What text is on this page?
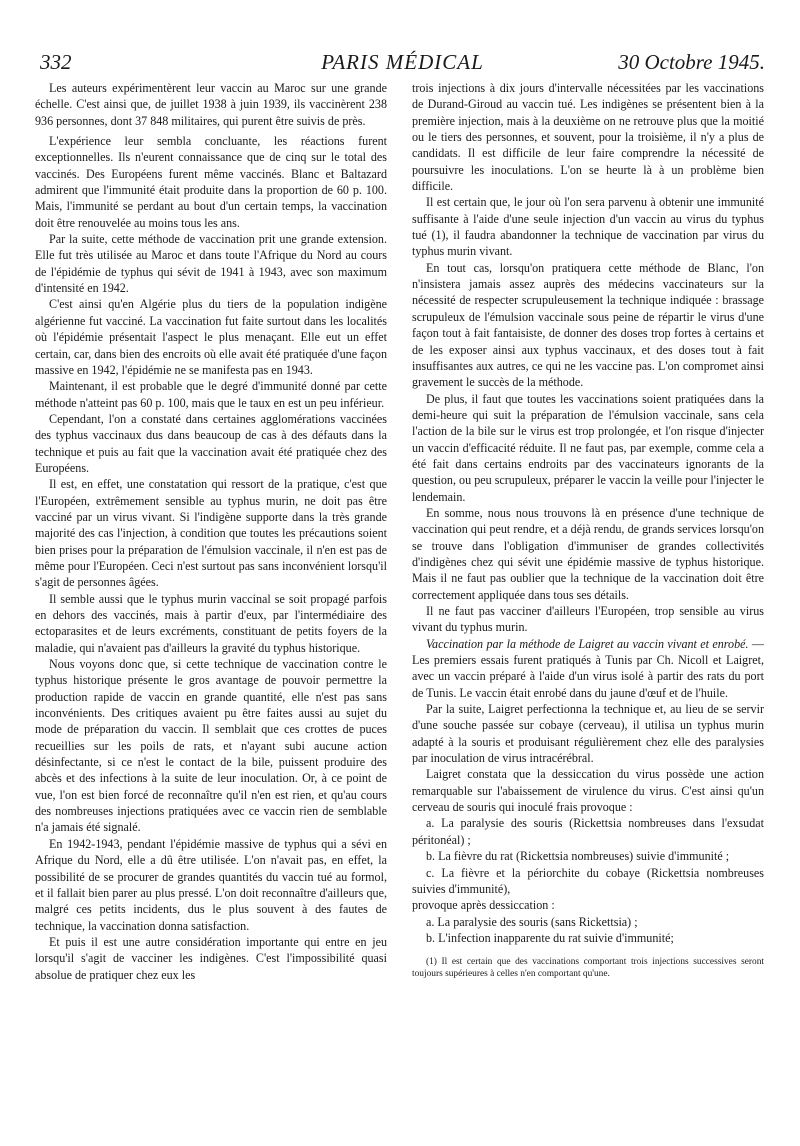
332	PARIS MÉDICAL	30 Octobre 1945.

Les auteurs expérimentèrent leur vaccin au Maroc sur une grande échelle. C'est ainsi que, de juillet 1938 à juin 1939, ils vaccinèrent 238 936 personnes, dont 37 848 militaires, qui purent être suivis de près.

L'expérience leur sembla concluante, les réactions furent exceptionnelles. Ils n'eurent connaissance que de cinq sur le total des vaccinés. Des Européens furent même vaccinés. Blanc et Baltazard admirent que l'immunité était produite dans la proportion de 60 p. 100. Mais, l'immunité se perdant au bout d'un certain temps, la vaccination doit être renouvelée au moins tous les ans.

Par la suite, cette méthode de vaccination prit une grande extension. Elle fut très utilisée au Maroc et dans toute l'Afrique du Nord au cours de l'épidémie de typhus qui sévit de 1941 à 1943, avec son maximum d'intensité en 1942.

C'est ainsi qu'en Algérie plus du tiers de la population indigène algérienne fut vacciné. La vaccination fut faite surtout dans les localités où l'épidémie présentait l'aspect le plus menaçant. Elle eut un effet certain, car, dans bien des encroits où elle avait été pratiquée d'une façon massive en 1942, l'épidémie ne se manifesta pas en 1943.

Maintenant, il est probable que le degré d'immunité donné par cette méthode n'atteint pas 60 p. 100, mais que le taux en est un peu inférieur.

Cependant, l'on a constaté dans certaines agglomérations vaccinées des typhus vaccinaux dus dans beaucoup de cas à des défauts dans la technique et puis au fait que la vaccination avait été pratiquée chez des Européens.

Il est, en effet, une constatation qui ressort de la pratique, c'est que l'Européen, extrêmement sensible au typhus murin, ne doit pas être vacciné par un virus vivant. Si l'indigène supporte dans la très grande majorité des cas l'injection, à condition que toutes les précautions soient bien prises pour la préparation de l'émulsion vaccinale, il n'en est pas de même pour l'Européen. Ceci n'est surtout pas sans inconvénient lorsqu'il s'agit de personnes âgées.

Il semble aussi que le typhus murin vaccinal se soit propagé parfois en dehors des vaccinés, mais à partir d'eux, par l'intermédiaire des ectoparasites et de leurs excréments, constituant de petits foyers de la maladie, qui n'avaient pas d'ailleurs la gravité du typhus historique.

Nous voyons donc que, si cette technique de vaccination contre le typhus historique présente le gros avantage de pouvoir permettre la production rapide de vaccin en grande quantité, elle n'est pas sans inconvénients. Des critiques avaient pu être faites aussi au sujet du mode de préparation du vaccin. Il semblait que ces crottes de puces recueillies sur les poils de rats, et n'ayant subi aucune action désinfectante, si ce n'est le contact de la bile, puissent produire des abcès et des infections à la suite de leur inoculation. Or, à ce point de vue, l'on est bien forcé de reconnaître qu'il n'en est rien, et qu'au cours des nombreuses injections pratiquées avec ce vaccin rien de semblable n'a jamais été signalé.

En 1942-1943, pendant l'épidémie massive de typhus qui a sévi en Afrique du Nord, elle a dû être utilisée. L'on n'avait pas, en effet, la possibilité de se procurer de grandes quantités du vaccin tué au formol, et il fallait bien parer au plus pressé. L'on doit reconnaître d'ailleurs que, malgré ces petits incidents, dus le plus souvent à des fautes de technique, la vaccination donna satisfaction.

Et puis il est une autre considération importante qui entre en jeu lorsqu'il s'agit de vacciner les indigènes. C'est l'impossibilité quasi absolue de pratiquer chez eux les

trois injections à dix jours d'intervalle nécessitées par les vaccinations de Durand-Giroud au vaccin tué. Les indigènes se présentent bien à la première injection, mais à la deuxième on ne retrouve plus que la moitié ou le tiers des personnes, et souvent, pour la troisième, il n'y a plus de candidats. Il est difficile de leur faire comprendre la nécessité de poursuivre les inoculations. L'on se heurte là à un problème bien difficile.

Il est certain que, le jour où l'on sera parvenu à obtenir une immunité suffisante à l'aide d'une seule injection d'un vaccin au virus du typhus tué (1), il faudra abandonner la technique de vaccination par virus du typhus murin vivant.

En tout cas, lorsqu'on pratiquera cette méthode de Blanc, l'on n'insistera jamais assez auprès des médecins vaccinateurs sur la nécessité de respecter scrupuleusement la technique indiquée : brassage scrupuleux de l'émulsion vaccinale sous peine de répartir le virus d'une façon tout à fait fantaisiste, de donner des doses trop fortes à certains et de les exposer ainsi aux typhus vaccinaux, et des doses tout à fait insuffisantes aux autres, ce qui ne les vaccine pas. L'on compromet ainsi gravement le succès de la méthode.

De plus, il faut que toutes les vaccinations soient pratiquées dans la demi-heure qui suit la préparation de l'émulsion vaccinale, sans cela l'action de la bile sur le virus est trop prolongée, et l'on risque d'injecter un vaccin d'efficacité réduite. Il ne faut pas, par exemple, comme cela a été fait dans certains endroits par des vaccinateurs ignorants de la question, ou peu scrupuleux, préparer le vaccin la veille pour l'injecter le lendemain.

En somme, nous nous trouvons là en présence d'une technique de vaccination qui peut rendre, et a déjà rendu, de grands services lorsqu'on se trouve dans l'obligation d'immuniser de grandes collectivités d'indigènes chez qui sévit une épidémie massive de typhus historique. Mais il ne faut pas oublier que la technique de la vaccination doit être correctement appliquée dans tous ses détails.

Il ne faut pas vacciner d'ailleurs l'Européen, trop sensible au virus vivant du typhus murin.

Vaccination par la méthode de Laigret au vaccin vivant et enrobé. — Les premiers essais furent pratiqués à Tunis par Ch. Nicoll et Laigret, avec un vaccin préparé à l'aide d'un virus isolé à partir des rats du port de Tunis. Le vaccin était enrobé dans du jaune d'œuf et de l'huile.

Par la suite, Laigret perfectionna la technique et, au lieu de se servir d'une souche passée sur cobaye (cerveau), il utilisa un typhus murin adapté à la souris et produisant régulièrement chez elle des paralysies par inoculation de virus intracérébral.

Laigret constata que la dessiccation du virus possède une action remarquable sur l'abaissement de virulence du virus. C'est ainsi qu'un cerveau de souris qui inoculé frais provoque :

a. La paralysie des souris (Rickettsia nombreuses dans l'exsudat péritonéal) ;

b. La fièvre du rat (Rickettsia nombreuses) suivie d'immunité ;

c. La fièvre et la périorchite du cobaye (Rickettsia nombreuses suivies d'immunité),

provoque après dessiccation :

a. La paralysie des souris (sans Rickettsia) ;

b. L'infection inapparente du rat suivie d'immunité;

(1) Il est certain que des vaccinations comportant trois injections successives seront toujours supérieures à celles n'en comportant qu'une.
